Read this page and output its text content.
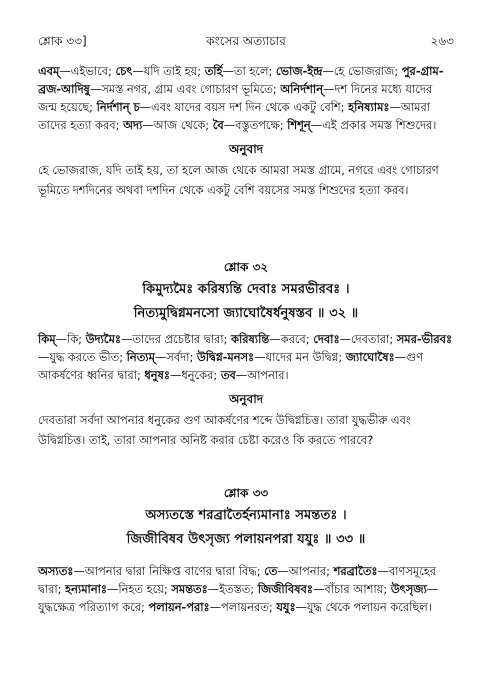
শ্লোক ৩৩]	কংসের অত্যাচার	২৬৩
এবম্—এইভাবে; চেৎ—যদি তাই হয়; তর্হি—তা হলে; ভোজ-ইন্দ্র—হে ভোজরাজ; পুর-গ্রাম-ব্রজ-আদিষু—সমস্ত নগর, গ্রাম এবং গোচারণ ভূমিতে; অনির্দশান্—দশ দিনের মধ্যে যাদের জন্ম হয়েছে; নির্দশান্ চ—এবং যাদের বয়স দশ দিন থেকে একটু বেশি; হনিষ্যামঃ—আমরা তাদের হত্যা করব; অদ্য—আজ থেকে; বৈ—বস্তুতপক্ষে; শিশূন্—এই প্রকার সমস্ত শিশুদের।
অনুবাদ
হে ভোজরাজ, যদি তাই হয়, তা হলে আজ থেকে আমরা সমস্ত গ্রামে, নগরে এবং গোচারণ ভূমিতে দশদিনের অথবা দশদিন থেকে একটু বেশি বয়সের সমস্ত শিশুদের হত্যা করব।
শ্লোক ৩২
কিমুদ্যমৈঃ করিষ্যন্তি দেবাঃ সমরভীরবঃ ।
নিত্যমুদ্বিগ্নমনসো জ্যাঘোষৈর্ধনুষস্তব ॥ ৩২ ॥
কিম্—কি; উদ্যমৈঃ—তাদের প্রচেষ্টার দ্বারা; করিষ্যন্তি—করবে; দেবাঃ—দেবতারা; সমর-ভীরবঃ—যুদ্ধ করতে ভীত; নিত্যম্—সর্বদা; উদ্বিগ্ন-মনসঃ—যাদের মন উদ্বিগ্ন; জ্যাঘোষৈঃ—গুণ আকর্ষণের ধ্বনির দ্বারা; ধনুষঃ—ধনুকের; তব—আপনার।
অনুবাদ
দেবতারা সর্বদা আপনার ধনুকের গুণ আকর্ষণের শব্দে উদ্বিগ্নচিত্ত। তারা যুদ্ধভীরু এবং উদ্বিগ্নচিত্ত। তাই, তারা আপনার অনিষ্ট করার চেষ্টা করেও কি করতে পারবে?
শ্লোক ৩৩
অস্যতস্তে শরব্রাতৈর্হন্যমানাঃ সমন্ততঃ ।
জিজীবিষব উৎসৃজ্য পলায়নপরা যযুঃ ॥ ৩৩ ॥
অস্যতঃ—আপনার দ্বারা নিক্ষিপ্ত বাণের দ্বারা বিদ্ধ; তে—আপনার; শরব্রাতৈঃ—বাণসমূহের দ্বারা; হন্যমানাঃ—নিহত হয়ে; সমন্ততঃ—ইতস্তত; জিজীবিষবঃ—বাঁচার আশায়; উৎসৃজ্য—যুদ্ধক্ষেত্র পরিত্যাগ করে; পলায়ন-পরাঃ—পলায়নরত; যযুঃ—যুদ্ধ থেকে পলায়ন করেছিল।
